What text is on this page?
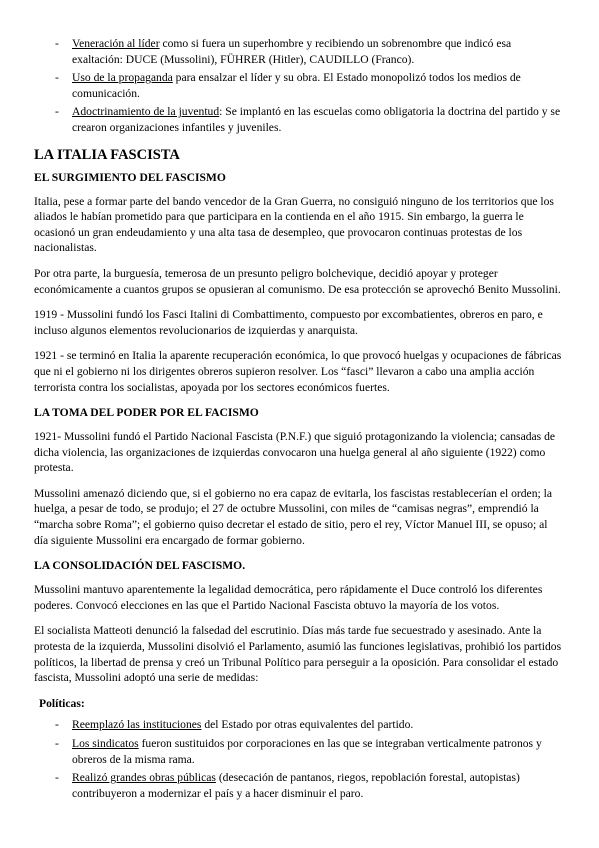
- Veneración al líder como si fuera un superhombre y recibiendo un sobrenombre que indicó esa exaltación: DUCE (Mussolini), FÜHRER (Hitler), CAUDILLO (Franco).
- Uso de la propaganda para ensalzar el líder y su obra. El Estado monopolizó todos los medios de comunicación.
- Adoctrinamiento de la juventud: Se implantó en las escuelas como obligatoria la doctrina del partido y se crearon organizaciones infantiles y juveniles.
LA ITALIA FASCISTA
EL SURGIMIENTO DEL FASCISMO

Italia, pese a formar parte del bando vencedor de la Gran Guerra, no consiguió ninguno de los territorios que los aliados le habían prometido para que participara en la contienda en el año 1915. Sin embargo, la guerra le ocasionó un gran endeudamiento y una alta tasa de desempleo, que provocaron continuas protestas de los nacionalistas.

Por otra parte, la burguesía, temerosa de un presunto peligro bolchevique, decidió apoyar y proteger económicamente a cuantos grupos se opusieran al comunismo. De esa protección se aprovechó Benito Mussolini.

1919 - Mussolini fundó los Fasci Italini di Combattimento, compuesto por excombatientes, obreros en paro, e incluso algunos elementos revolucionarios de izquierdas y anarquista.

1921 - se terminó en Italia la aparente recuperación económica, lo que provocó huelgas y ocupaciones de fábricas que ni el gobierno ni los dirigentes obreros supieron resolver. Los “fasci” llevaron a cabo una amplia acción terrorista contra los socialistas, apoyada por los sectores económicos fuertes.

LA TOMA DEL PODER POR EL FACISMO

1921- Mussolini fundó el Partido Nacional Fascista (P.N.F.) que siguió protagonizando la violencia; cansadas de dicha violencia, las organizaciones de izquierdas convocaron una huelga general al año siguiente (1922) como protesta.

Mussolini amenazó diciendo que, si el gobierno no era capaz de evitarla, los fascistas restablecerían el orden; la huelga, a pesar de todo, se produjo; el 27 de octubre Mussolini, con miles de “camisas negras”, emprendió la “marcha sobre Roma”; el gobierno quiso decretar el estado de sitio, pero el rey, Víctor Manuel III, se opuso; al día siguiente Mussolini era encargado de formar gobierno.

LA CONSOLIDACIÓN DEL FASCISMO.

Mussolini mantuvo aparentemente la legalidad democrática, pero rápidamente el Duce controló los diferentes poderes. Convocó elecciones en las que el Partido Nacional Fascista obtuvo la mayoría de los votos.

El socialista Matteoti denunció la falsedad del escrutinio. Días más tarde fue secuestrado y asesinado. Ante la protesta de la izquierda, Mussolini disolvió el Parlamento, asumió las funciones legislativas, prohibió los partidos políticos, la libertad de prensa y creó un Tribunal Político para perseguir a la oposición. Para consolidar el estado fascista, Mussolini adoptó una serie de medidas:

Políticas:
- Reemplazó las instituciones del Estado por otras equivalentes del partido.
- Los sindicatos fueron sustituidos por corporaciones en las que se integraban verticalmente patronos y obreros de la misma rama.
- Realizó grandes obras públicas (desecación de pantanos, riegos, repoblación forestal, autopistas) contribuyeron a modernizar el país y a hacer disminuir el paro.
